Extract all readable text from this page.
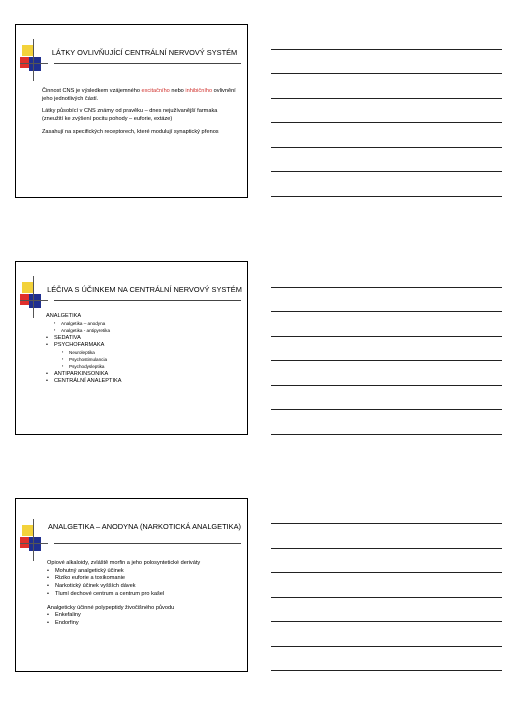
LÁTKY OVLIVŇUJÍCÍ CENTRÁLNÍ NERVOVÝ SYSTÉM

Činnost CNS je výsledkem vzájemného excitačního nebo inhibičního ovlivnění jeho jednotlivých částí.

Látky působící v CNS známy od pravěku – dnes nejužívanější farmaka (zneužití ke zvýšení pocitu pohody – euforie, extáze)

Zasahují na specifických receptorech, které modulují synaptický přenos

LÉČIVA S ÚČINKEM NA CENTRÁLNÍ NERVOVÝ SYSTÉM
ANALGETIKA
▪ Analgetika – anodyna
▪ Analgetika - antipyretika
• SEDATIVA
• PSYCHOFARMAKA
▪ Neuroleptika
▪ Psychostimulancia
▪ Psychodysleptika
• ANTIPARKINSONIKA
• CENTRÁLNÍ ANALEPTIKA
ANALGETIKA – ANODYNA (NARKOTICKÁ ANALGETIKA)
Opiové alkaloidy, zvláště morfin a jeho polosyntetické deriváty
• Mohutný analgetický účinek
• Riziko euforie a toxikomanie
• Narkotický účinek vyšších dávek
• Tlumí dechové centrum a centrum pro kašel
Analgeticky účinné polypeptidy živočišného původu
• Enkefaliny
• Endorfiny
